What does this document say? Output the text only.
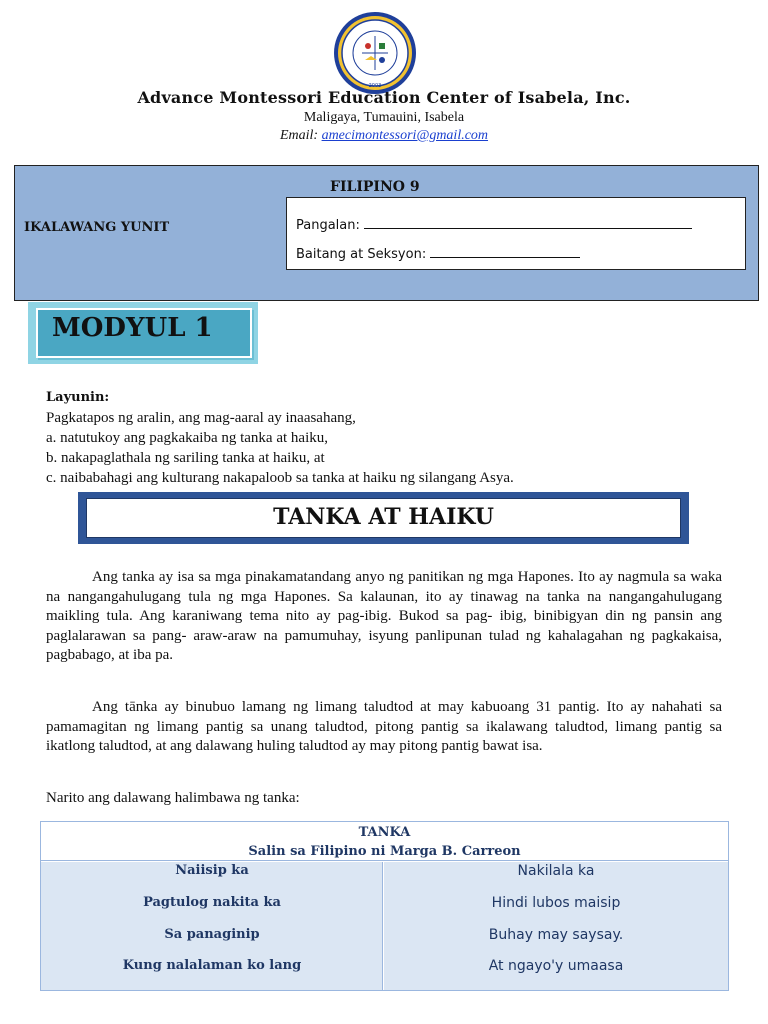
2003
Advance Montessori Education Center of Isabela, Inc.
Maligaya, Tumauini, Isabela
Email: amecimontessori@gmail.com
FILIPINO 9
IKALAWANG YUNIT	Pangalan:
Baitang at Seksyon:
MODYUL 1
Layunin:
Pagkatapos ng aralin, ang mag-aaral ay inaasahang,
a. natutukoy ang pagkakaiba ng tanka at haiku,
b. nakapaglathala ng sariling tanka at haiku, at
c. naibabahagi ang kulturang nakapaloob sa tanka at haiku ng silangang Asya.
TANKA AT HAIKU

Ang tanka ay isa sa mga pinakamatandang anyo ng panitikan ng mga Hapones. Ito ay nagmula sa waka na nangangahulugang tula ng mga Hapones. Sa kalaunan, ito ay tinawag na tanka na nangangahulugang maikling tula. Ang karaniwang tema nito ay pag-ibig. Bukod sa pag- ibig, binibigyan din ng pansin ang paglalarawan sa pang- araw-araw na pamumuhay, isyung panlipunan tulad ng kahalagahan ng pagkakaisa, pagbabago, at iba pa.

Ang tānka ay binubuo lamang ng limang taludtod at may kabuoang 31 pantig. Ito ay nahahati sa pamamagitan ng limang pantig sa unang taludtod, pitong pantig sa ikalawang taludtod, limang pantig sa ikatlong taludtod, at ang dalawang huling taludtod ay may pitong pantig bawat isa.

Narito ang dalawang halimbawa ng tanka:

TANKA
Salin sa Filipino ni Marga B. Carreon
Naiisip ka
Pagtulog nakita ka
Sa panaginip
Kung nalalaman ko lang
Nakilala ka
Hindi lubos maisip
Buhay may saysay.
At ngayo'y umaasa
